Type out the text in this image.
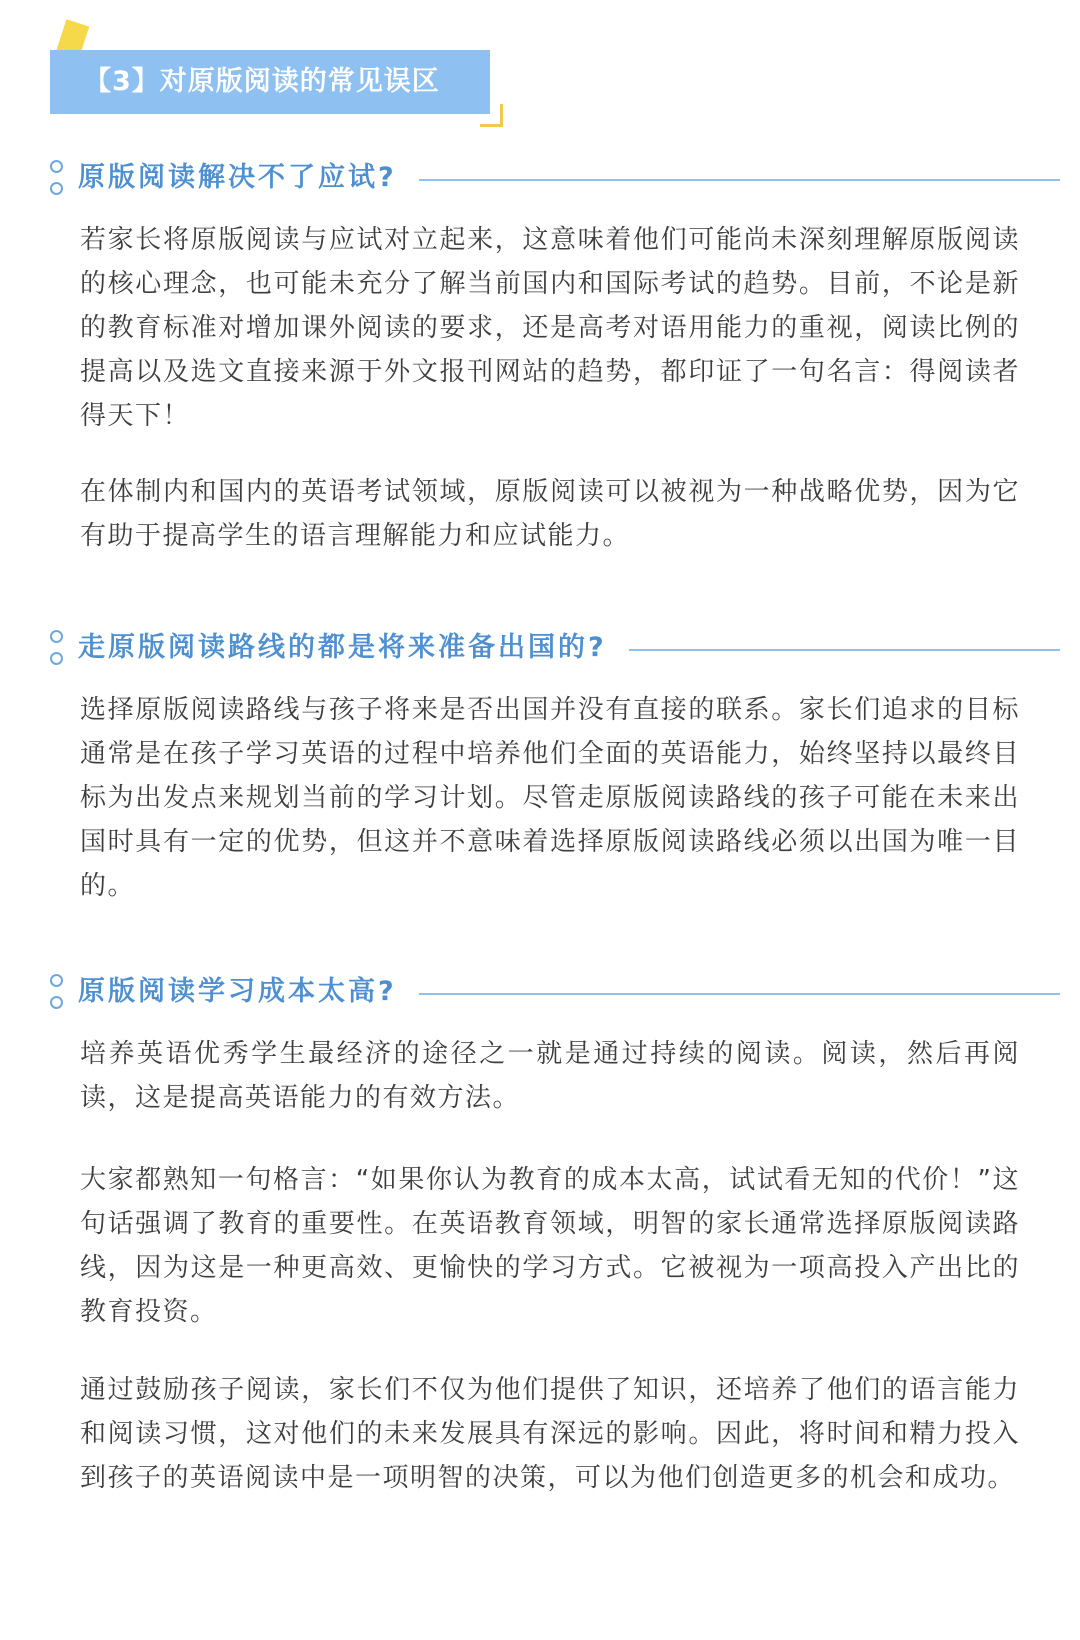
【3】对原版阅读的常见误区
原版阅读解决不了应试?

若家长将原版阅读与应试对立起来，这意味着他们可能尚未深刻理解原版阅读的核心理念，也可能未充分了解当前国内和国际考试的趋势。目前，不论是新的教育标准对增加课外阅读的要求，还是高考对语用能力的重视，阅读比例的提高以及选文直接来源于外文报刊网站的趋势，都印证了一句名言：得阅读者得天下！

在体制内和国内的英语考试领域，原版阅读可以被视为一种战略优势，因为它有助于提高学生的语言理解能力和应试能力。

走原版阅读路线的都是将来准备出国的?

选择原版阅读路线与孩子将来是否出国并没有直接的联系。家长们追求的目标通常是在孩子学习英语的过程中培养他们全面的英语能力，始终坚持以最终目标为出发点来规划当前的学习计划。尽管走原版阅读路线的孩子可能在未来出国时具有一定的优势，但这并不意味着选择原版阅读路线必须以出国为唯一目的。

原版阅读学习成本太高?

培养英语优秀学生最经济的途径之一就是通过持续的阅读。阅读，然后再阅读，这是提高英语能力的有效方法。

大家都熟知一句格言：“如果你认为教育的成本太高，试试看无知的代价！”这句话强调了教育的重要性。在英语教育领域，明智的家长通常选择原版阅读路线，因为这是一种更高效、更愉快的学习方式。它被视为一项高投入产出比的教育投资。

通过鼓励孩子阅读，家长们不仅为他们提供了知识，还培养了他们的语言能力和阅读习惯，这对他们的未来发展具有深远的影响。因此，将时间和精力投入到孩子的英语阅读中是一项明智的决策，可以为他们创造更多的机会和成功。
